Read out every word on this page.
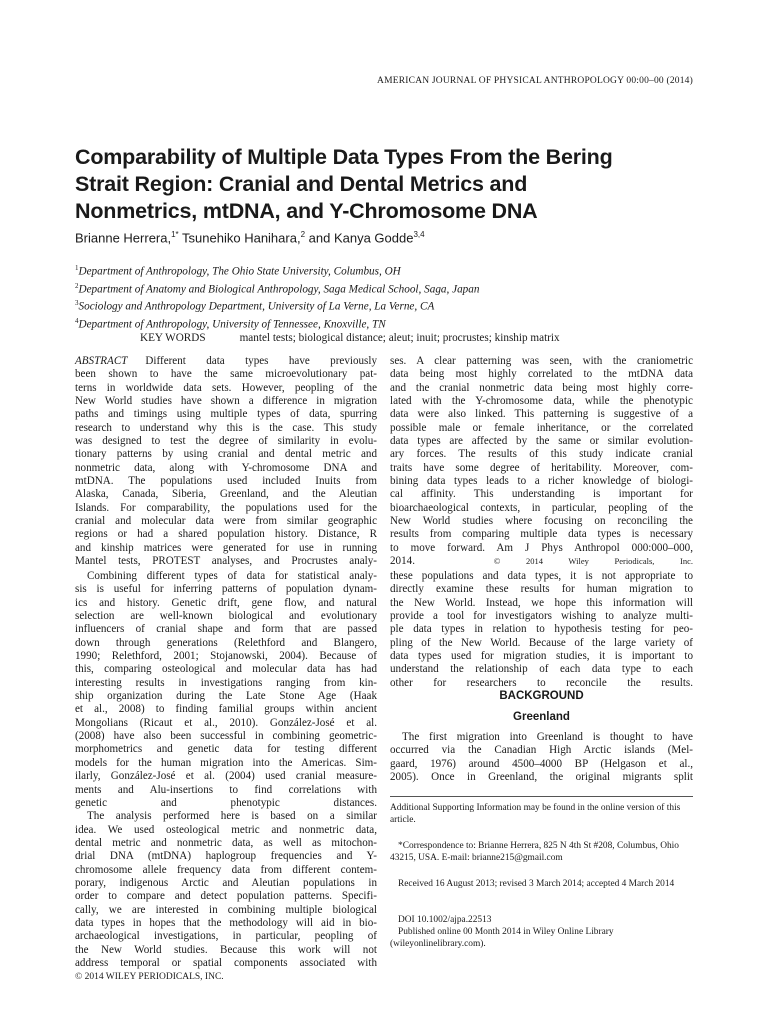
AMERICAN JOURNAL OF PHYSICAL ANTHROPOLOGY 00:00–00 (2014)
Comparability of Multiple Data Types From the Bering
Strait Region: Cranial and Dental Metrics and
Nonmetrics, mtDNA, and Y-Chromosome DNA
Brianne Herrera,$^{1*}$ Tsunehiko Hanihara,$^2$ and Kanya Godde$^{3,4}$
$^1$Department of Anthropology, The Ohio State University, Columbus, OH
$^2$Department of Anatomy and Biological Anthropology, Saga Medical School, Saga, Japan
$^3$Sociology and Anthropology Department, University of La Verne, La Verne, CA
$^4$Department of Anthropology, University of Tennessee, Knoxville, TN
KEY WORDS	mantel tests; biological distance; aleut; inuit; procrustes; kinship matrix
ABSTRACT Different data types have previously
been shown to have the same microevolutionary pat-
terns in worldwide data sets. However, peopling of the
New World studies have shown a difference in migration
paths and timings using multiple types of data, spurring
research to understand why this is the case. This study
was designed to test the degree of similarity in evolu-
tionary patterns by using cranial and dental metric and
nonmetric data, along with Y-chromosome DNA and
mtDNA. The populations used included Inuits from
Alaska, Canada, Siberia, Greenland, and the Aleutian
Islands. For comparability, the populations used for the
cranial and molecular data were from similar geographic
regions or had a shared population history. Distance, R
and kinship matrices were generated for use in running
Mantel tests, PROTEST analyses, and Procrustes analy-
ses. A clear patterning was seen, with the craniometric
data being most highly correlated to the mtDNA data
and the cranial nonmetric data being most highly corre-
lated with the Y-chromosome data, while the phenotypic
data were also linked. This patterning is suggestive of a
possible male or female inheritance, or the correlated
data types are affected by the same or similar evolution-
ary forces. The results of this study indicate cranial
traits have some degree of heritability. Moreover, com-
bining data types leads to a richer knowledge of biologi-
cal affinity. This understanding is important for
bioarchaeological contexts, in particular, peopling of the
New World studies where focusing on reconciling the
results from comparing multiple data types is necessary
to move forward. Am J Phys Anthropol 000:000–000,
2014.	© 2014 Wiley Periodicals, Inc.
Combining different types of data for statistical analy-
sis is useful for inferring patterns of population dynam-
ics and history. Genetic drift, gene flow, and natural
selection are well-known biological and evolutionary
influencers of cranial shape and form that are passed
down through generations (Relethford and Blangero,
1990; Relethford, 2001; Stojanowski, 2004). Because of
this, comparing osteological and molecular data has had
interesting results in investigations ranging from kin-
ship organization during the Late Stone Age (Haak
et al., 2008) to finding familial groups within ancient
Mongolians (Ricaut et al., 2010). González-José et al.
(2008) have also been successful in combining geometric-
morphometrics and genetic data for testing different
models for the human migration into the Americas. Sim-
ilarly, González-José et al. (2004) used cranial measure-
ments and Alu-insertions to find correlations with
genetic and phenotypic distances.
The analysis performed here is based on a similar
idea. We used osteological metric and nonmetric data,
dental metric and nonmetric data, as well as mitochon-
drial DNA (mtDNA) haplogroup frequencies and Y-
chromosome allele frequency data from different contem-
porary, indigenous Arctic and Aleutian populations in
order to compare and detect population patterns. Specifi-
cally, we are interested in combining multiple biological
data types in hopes that the methodology will aid in bio-
archaeological investigations, in particular, peopling of
the New World studies. Because this work will not
address temporal or spatial components associated with
these populations and data types, it is not appropriate to
directly examine these results for human migration to
the New World. Instead, we hope this information will
provide a tool for investigators wishing to analyze multi-
ple data types in relation to hypothesis testing for peo-
pling of the New World. Because of the large variety of
data types used for migration studies, it is important to
understand the relationship of each data type to each
other for researchers to reconcile the results.
BACKGROUND
Greenland
The first migration into Greenland is thought to have
occurred via the Canadian High Arctic islands (Mel-
gaard, 1976) around 4500–4000 BP (Helgason et al.,
2005). Once in Greenland, the original migrants split
Additional Supporting Information may be found in the online version of this article.
*Correspondence to: Brianne Herrera, 825 N 4th St #208, Columbus, Ohio 43215, USA. E-mail: brianne215@gmail.com
Received 16 August 2013; revised 3 March 2014; accepted 4 March 2014
DOI 10.1002/ajpa.22513
Published online 00 Month 2014 in Wiley Online Library (wileyonlinelibrary.com).
© 2014 WILEY PERIODICALS, INC.
